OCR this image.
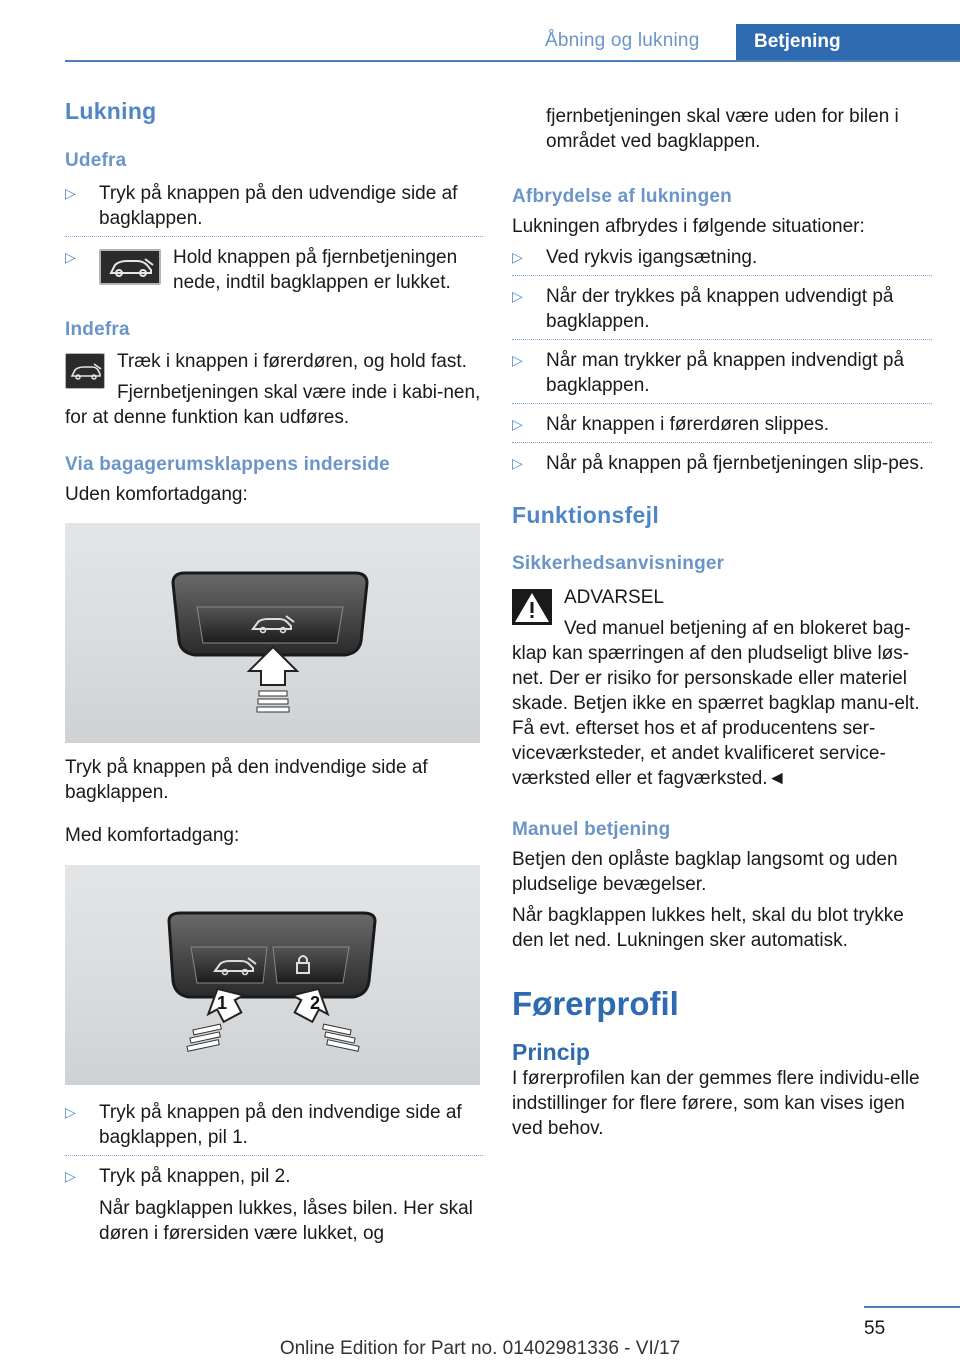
Åbning og lukning	Betjening
Lukning
Udefra
▷ Tryk på knappen på den udvendige side af bagklappen.
▷	Hold knappen på fjernbetjeningen nede, indtil bagklappen er lukket.
Indefra
Træk i knappen i førerdøren, og hold fast.
Fjernbetjeningen skal være inde i kabi-nen, for at denne funktion kan udføres.
Via bagagerumsklappens inderside
Uden komfortadgang:
Tryk på knappen på den indvendige side af bagklappen.
Med komfortadgang:
1	2
▷ Tryk på knappen på den indvendige side af bagklappen, pil 1.
▷ Tryk på knappen, pil 2.
Når bagklappen lukkes, låses bilen. Her skal døren i førersiden være lukket, og
fjernbetjeningen skal være uden for bilen i området ved bagklappen.
Afbrydelse af lukningen
Lukningen afbrydes i følgende situationer:
▷ Ved rykvis igangsætning.
▷ Når der trykkes på knappen udvendigt på bagklappen.
▷ Når man trykker på knappen indvendigt på bagklappen.
▷ Når knappen i førerdøren slippes.
▷ Når på knappen på fjernbetjeningen slip-pes.
Funktionsfejl
Sikkerhedsanvisninger
ADVARSEL
Ved manuel betjening af en blokeret bag-klap kan spærringen af den pludseligt blive løs-net. Der er risiko for personskade eller materiel skade. Betjen ikke en spærret bagklap manu-elt. Få evt. efterset hos et af producentens ser-viceværksteder, et andet kvalificeret service-værksted eller et fagværksted.◄
Manuel betjening
Betjen den oplåste bagklap langsomt og uden pludselige bevægelser.
Når bagklappen lukkes helt, skal du blot trykke den let ned. Lukningen sker automatisk.
Førerprofil
Princip
I førerprofilen kan der gemmes flere individu-elle indstillinger for flere førere, som kan vises igen ved behov.
55
Online Edition for Part no. 01402981336 - VI/17
